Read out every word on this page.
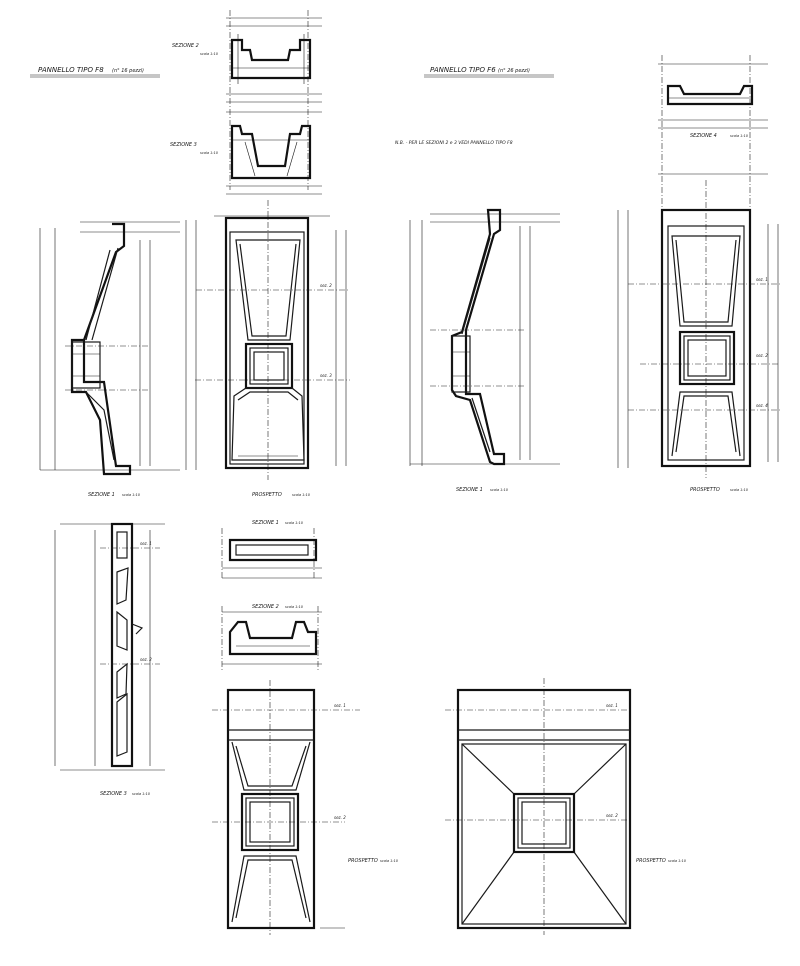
PANNELLO TIPO F8 (n° 16 pezzi)	PANNELLO TIPO F6 (n° 26 pezzi)
N.B. - PER LE SEZIONI 2 e 3 VEDI PANNELLO TIPO F8
SEZIONE 2
scala 1:10
SEZIONE 3
scala 1:10
SEZIONE 4	scala 1:10
SEZIONE 1 scala 1:10
sez. 2
sez. 3
PROSPETTO	scala 1:10
SEZIONE 1 scala 1:10
sez. 1
sez. 2
sez. 4
PROSPETTO	scala 1:10
sez. 1
sez. 2
SEZIONE 3 scala 1:10
SEZIONE 1 scala 1:10
SEZIONE 2 scala 1:10
sez. 1
sez. 2
PROSPETTO scala 1:10
sez. 1
sez. 2
PROSPETTO scala 1:10
